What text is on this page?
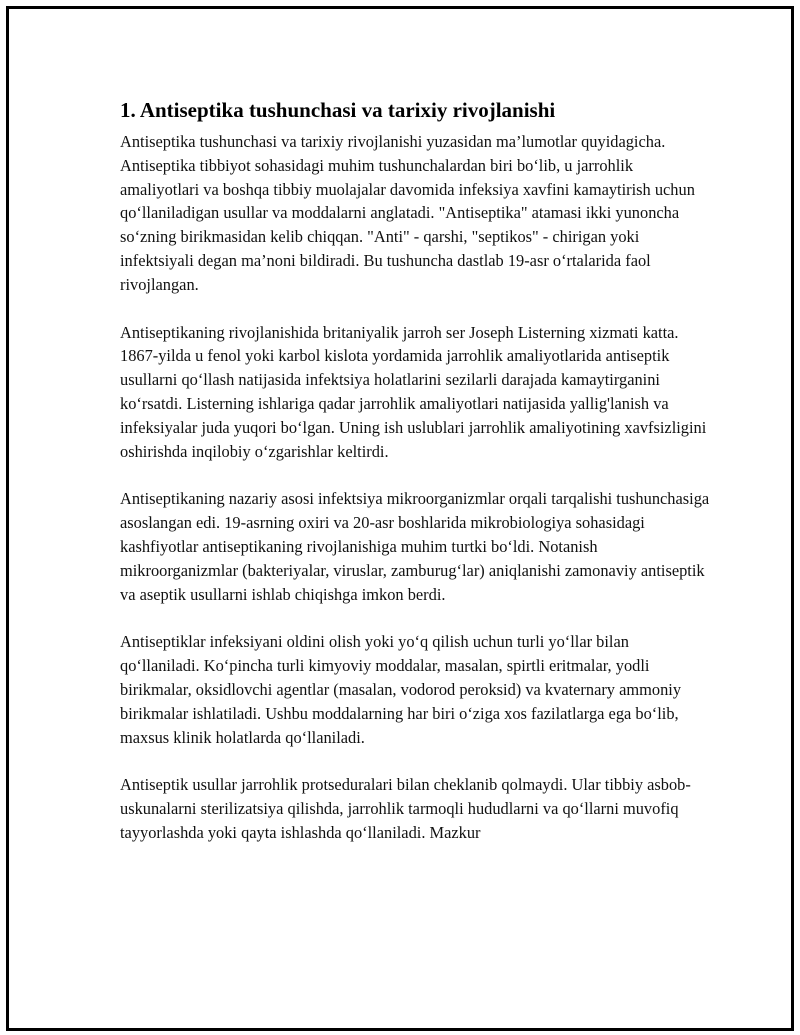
1. Antiseptika tushunchasi va tarixiy rivojlanishi

Antiseptika tushunchasi va tarixiy rivojlanishi yuzasidan ma’lumotlar quyidagicha. Antiseptika tibbiyot sohasidagi muhim tushunchalardan biri bo‘lib, u jarrohlik amaliyotlari va boshqa tibbiy muolajalar davomida infeksiya xavfini kamaytirish uchun qo‘llaniladigan usullar va moddalarni anglatadi. "Antiseptika" atamasi ikki yunoncha so‘zning birikmasidan kelib chiqqan. "Anti" - qarshi, "septikos" - chirigan yoki infektsiyali degan ma’noni bildiradi. Bu tushuncha dastlab 19-asr o‘rtalarida faol rivojlangan.

Antiseptikaning rivojlanishida britaniyalik jarroh ser Joseph Listerning xizmati katta. 1867-yilda u fenol yoki karbol kislota yordamida jarrohlik amaliyotlarida antiseptik usullarni qo‘llash natijasida infektsiya holatlarini sezilarli darajada kamaytirganini ko‘rsatdi. Listerning ishlariga qadar jarrohlik amaliyotlari natijasida yallig'lanish va infeksiyalar juda yuqori bo‘lgan. Uning ish uslublari jarrohlik amaliyotining xavfsizligini oshirishda inqilobiy o‘zgarishlar keltirdi.

Antiseptikaning nazariy asosi infektsiya mikroorganizmlar orqali tarqalishi tushunchasiga asoslangan edi. 19-asrning oxiri va 20-asr boshlarida mikrobiologiya sohasidagi kashfiyotlar antiseptikaning rivojlanishiga muhim turtki bo‘ldi. Notanish mikroorganizmlar (bakteriyalar, viruslar, zamburug‘lar) aniqlanishi zamonaviy antiseptik va aseptik usullarni ishlab chiqishga imkon berdi.

Antiseptiklar infeksiyani oldini olish yoki yo‘q qilish uchun turli yo‘llar bilan qo‘llaniladi. Ko‘pincha turli kimyoviy moddalar, masalan, spirtli eritmalar, yodli birikmalar, oksidlovchi agentlar (masalan, vodorod peroksid) va kvaternary ammoniy birikmalar ishlatiladi. Ushbu moddalarning har biri o‘ziga xos fazilatlarga ega bo‘lib, maxsus klinik holatlarda qo‘llaniladi.

Antiseptik usullar jarrohlik protseduralari bilan cheklanib qolmaydi. Ular tibbiy asbob-uskunalarni sterilizatsiya qilishda, jarrohlik tarmoqli hududlarni va qo‘llarni muvofiq tayyorlashda yoki qayta ishlashda qo‘llaniladi. Mazkur
